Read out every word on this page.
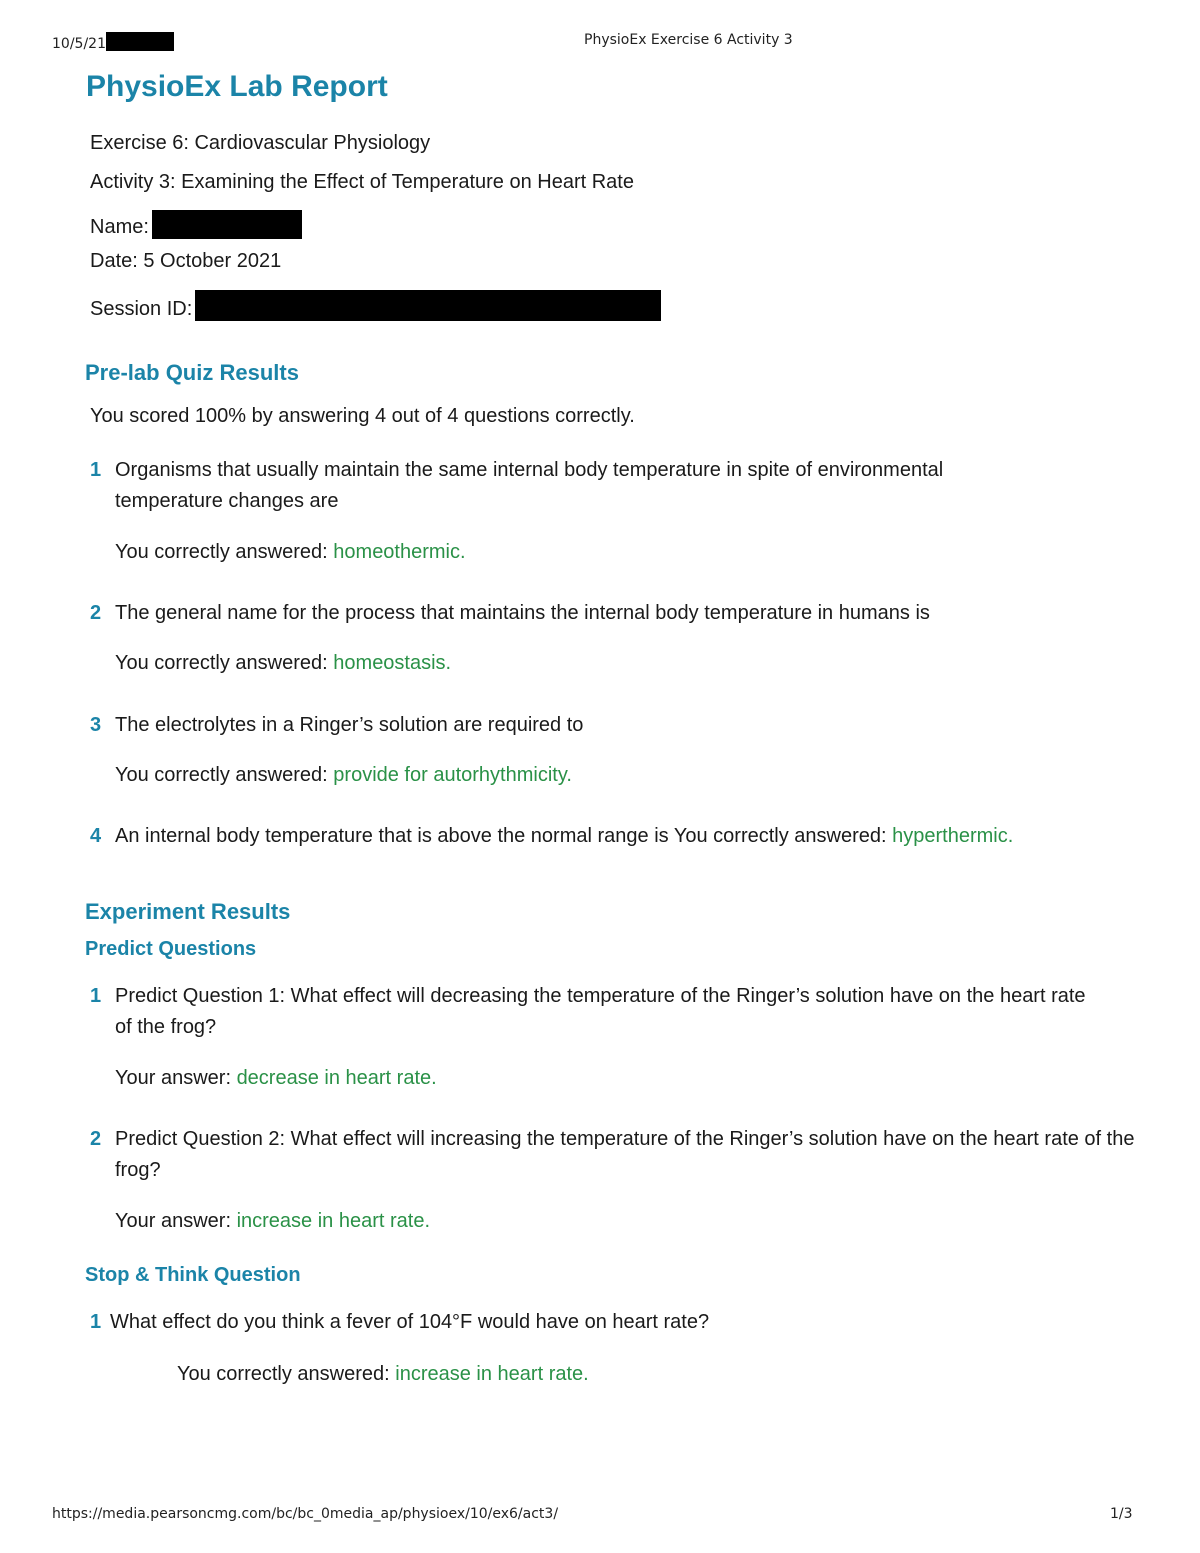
10/5/21	PhysioEx Exercise 6 Activity 3
PhysioEx Lab Report
Exercise 6: Cardiovascular Physiology
Activity 3: Examining the Effect of Temperature on Heart Rate
Name:
Date: 5 October 2021
Session ID:
Pre-lab Quiz Results
You scored 100% by answering 4 out of 4 questions correctly.
1 Organisms that usually maintain the same internal body temperature in spite of environmental temperature changes are
You correctly answered: homeothermic.
2 The general name for the process that maintains the internal body temperature in humans is
You correctly answered: homeostasis.
3 The electrolytes in a Ringer’s solution are required to
You correctly answered: provide for autorhythmicity.
4 An internal body temperature that is above the normal range is You correctly answered: hyperthermic.
Experiment Results
Predict Questions
1 Predict Question 1: What effect will decreasing the temperature of the Ringer’s solution have on the heart rate of the frog?
Your answer: decrease in heart rate.
2 Predict Question 2: What effect will increasing the temperature of the Ringer’s solution have on the heart rate of the frog?
Your answer: increase in heart rate.
Stop & Think Question
1 What effect do you think a fever of 104°F would have on heart rate?
You correctly answered: increase in heart rate.
https://media.pearsoncmg.com/bc/bc_0media_ap/physioex/10/ex6/act3/	1/3
